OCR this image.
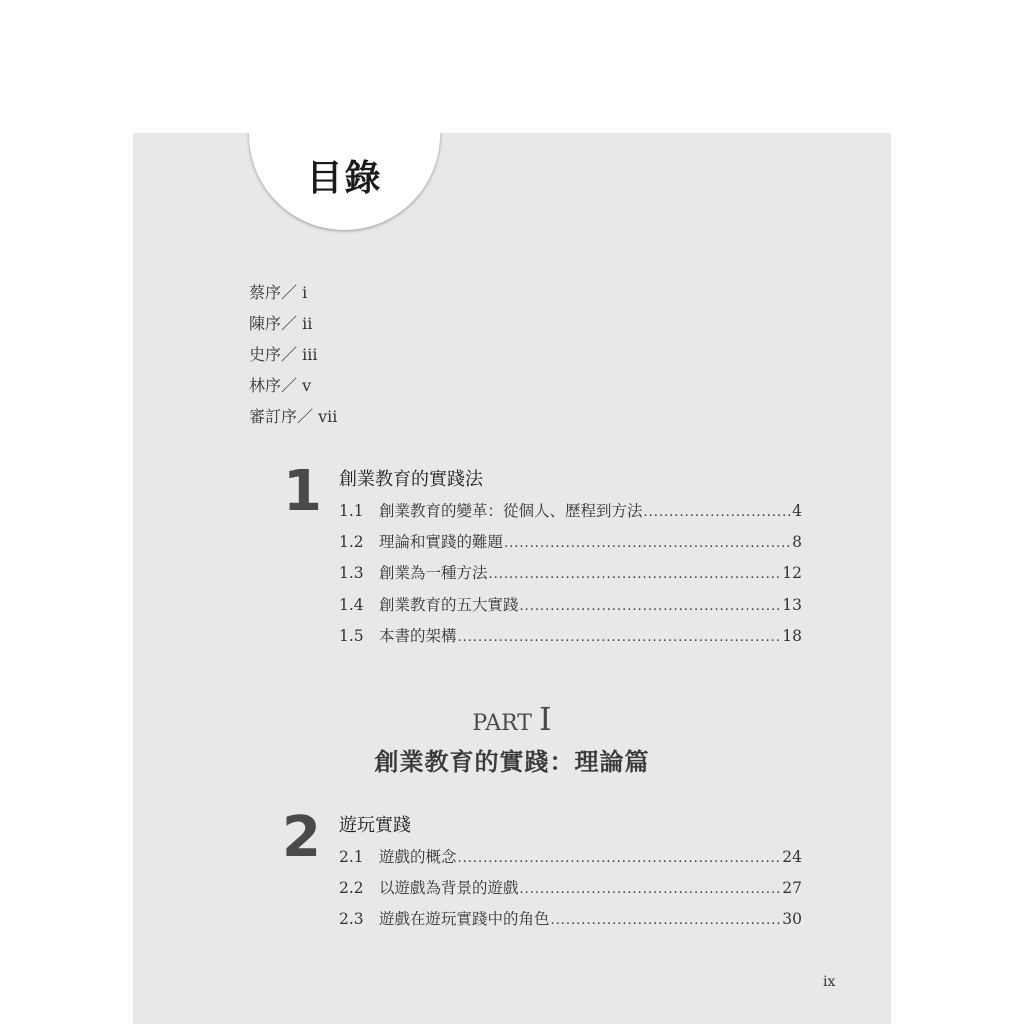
目錄
蔡序／ i
陳序／ ii
史序／ iii
林序／ v
審訂序／ vii
1 創業教育的實踐法
1.1 創業教育的變革：從個人、歷程到方法 .....	4
1.2 理論和實踐的難題 .....	8
1.3 創業為一種方法 .....	12
1.4 創業教育的五大實踐 .....	13
1.5 本書的架構 .....	18
PART I
創業教育的實踐：理論篇
2 遊玩實踐
2.1 遊戲的概念 .....	24
2.2 以遊戲為背景的遊戲 .....	27
2.3 遊戲在遊玩實踐中的角色 .....	30
ix
